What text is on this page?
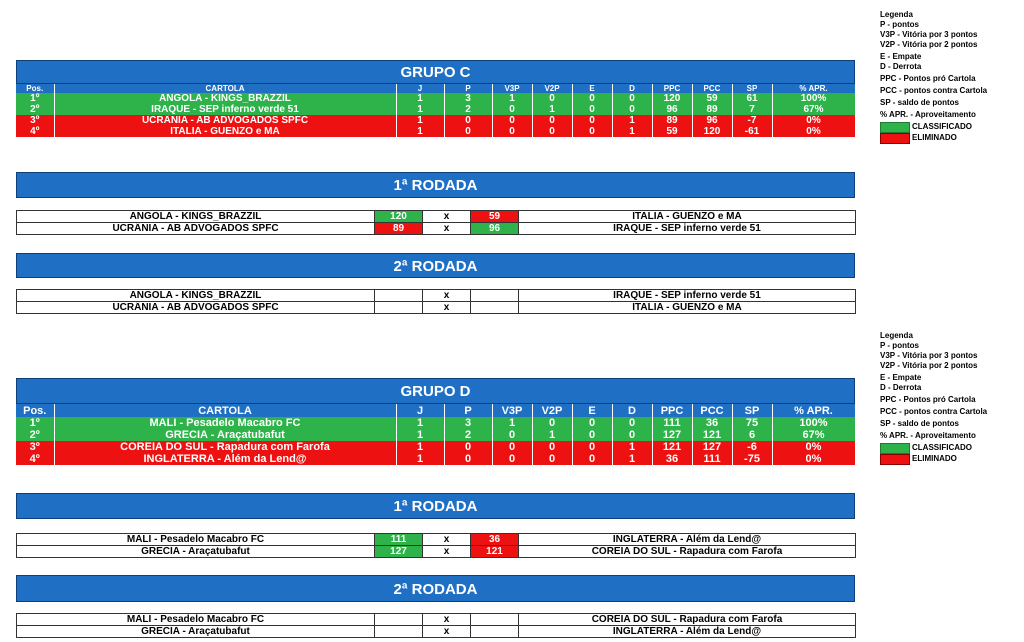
Legenda
P - pontos
V3P - Vitória por 3 pontos
V2P - Vitória por 2 pontos
E - Empate
D - Derrota
PPC - Pontos pró Cartola
PCC - pontos contra Cartola
SP - saldo de pontos
% APR. - Aproveitamento
CLASSIFICADO
ELIMINADO
Legenda
P - pontos
V3P - Vitória por 3 pontos
V2P - Vitória por 2 pontos
E - Empate
D - Derrota
PPC - Pontos pró Cartola
PCC - pontos contra Cartola
SP - saldo de pontos
% APR. - Aproveitamento
CLASSIFICADO
ELIMINADO
GRUPO C
Pos.	CARTOLA	J	P	V3P	V2P	E	D	PPC	PCC	SP	% APR.
1º	ANGOLA - KINGS_BRAZZIL	1	3	1	0	0	0	120	59	61	100%
2º	IRAQUE - SEP inferno verde 51	1	2	0	1	0	0	96	89	7	67%
3º	UCRÂNIA - AB ADVOGADOS SPFC	1	0	0	0	0	1	89	96	-7	0%
4º	ITALIA - GUENZO e MA	1	0	0	0	0	1	59	120	-61	0%
1ª RODADA
ANGOLA - KINGS_BRAZZIL	120	x	59	ITALIA - GUENZO e MA
UCRÂNIA - AB ADVOGADOS SPFC	89	x	96	IRAQUE - SEP inferno verde 51
2ª RODADA
ANGOLA - KINGS_BRAZZIL		x		IRAQUE - SEP inferno verde 51
UCRÂNIA - AB ADVOGADOS SPFC		x		ITALIA - GUENZO e MA
GRUPO D
Pos.	CARTOLA	J	P	V3P	V2P	E	D	PPC	PCC	SP	% APR.
1º	MALI - Pesadelo Macabro FC	1	3	1	0	0	0	111	36	75	100%
2º	GRECIA - Araçatubafut	1	2	0	1	0	0	127	121	6	67%
3º	COREIA DO SUL - Rapadura com Farofa	1	0	0	0	0	1	121	127	-6	0%
4º	INGLATERRA - Além da Lend@	1	0	0	0	0	1	36	111	-75	0%
1ª RODADA
MALI - Pesadelo Macabro FC	111	x	36	INGLATERRA - Além da Lend@
GRECIA - Araçatubafut	127	x	121	COREIA DO SUL - Rapadura com Farofa
2ª RODADA
MALI - Pesadelo Macabro FC		x		COREIA DO SUL - Rapadura com Farofa
GRECIA - Araçatubafut		x		INGLATERRA - Além da Lend@
